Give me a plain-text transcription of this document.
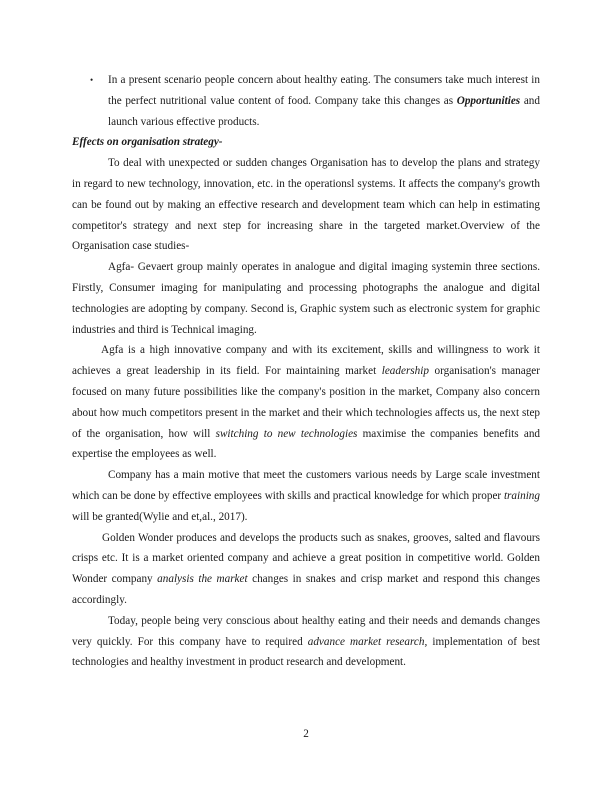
• In a present scenario people concern about healthy eating. The consumers take much interest in the perfect nutritional value content of food. Company take this changes as Opportunities and launch various effective products.

Effects on organisation strategy-

To deal with unexpected or sudden changes Organisation has to develop the plans and strategy in regard to new technology, innovation, etc. in the operationsl systems. It affects the company's growth can be found out by making an effective research and development team which can help in estimating competitor's strategy and next step for increasing share in the targeted market.Overview of the Organisation case studies-

Agfa- Gevaert group mainly operates in analogue and digital imaging systemin three sections. Firstly, Consumer imaging for manipulating and processing photographs the analogue and digital technologies are adopting by company. Second is, Graphic system such as electronic system for graphic industries and third is Technical imaging.

Agfa is a high innovative company and with its excitement, skills and willingness to work it achieves a great leadership in its field. For maintaining market leadership organisation's manager focused on many future possibilities like the company's position in the market, Company also concern about how much competitors present in the market and their which technologies affects us, the next step of the organisation, how will switching to new technologies maximise the companies benefits and expertise the employees as well.

Company has a main motive that meet the customers various needs by Large scale investment which can be done by effective employees with skills and practical knowledge for which proper training will be granted(Wylie and et,al., 2017).

Golden Wonder produces and develops the products such as snakes, grooves, salted and flavours crisps etc. It is a market oriented company and achieve a great position in competitive world. Golden Wonder company analysis the market changes in snakes and crisp market and respond this changes accordingly.

Today, people being very conscious about healthy eating and their needs and demands changes very quickly. For this company have to required advance market research, implementation of best technologies and healthy investment in product research and development.

2
